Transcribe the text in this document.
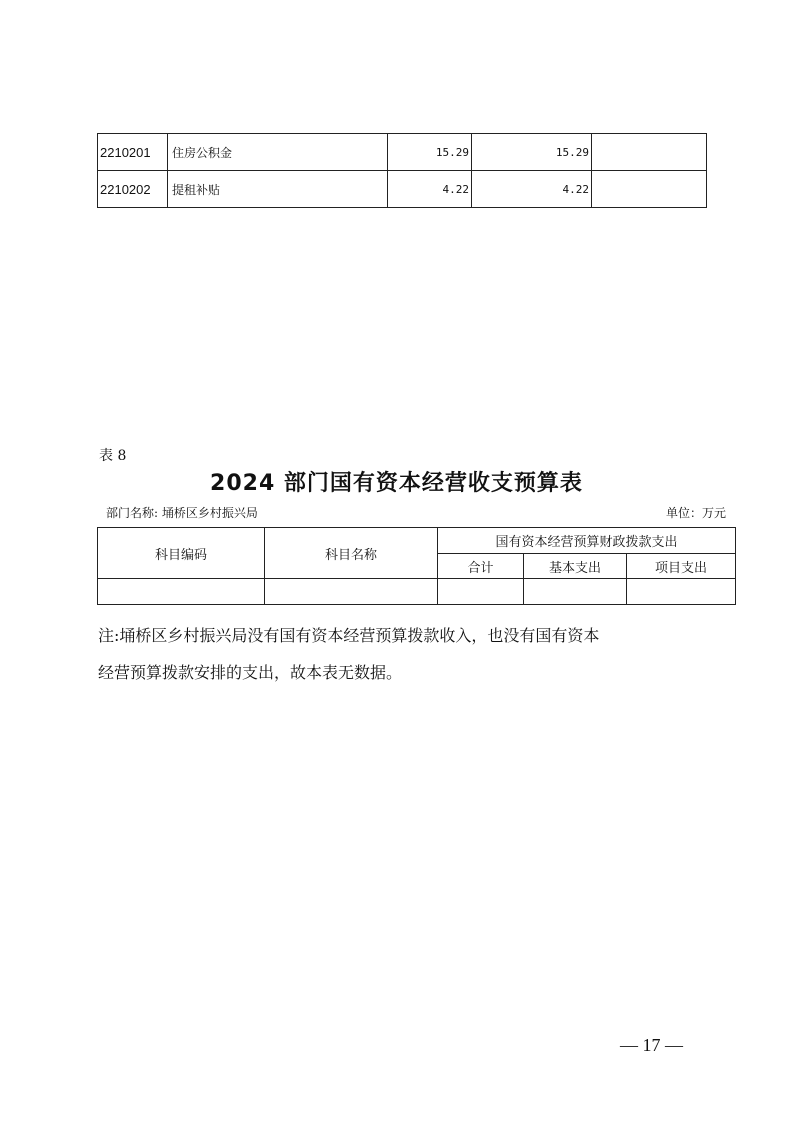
2210201	住房公积金	15.29	15.29	
2210202	提租补贴	4.22	4.22	
表 8
2024 部门国有资本经营收支预算表
部门名称: 埇桥区乡村振兴局	单位：万元
科目编码	科目名称	国有资本经营预算财政拨款支出		
		合计	基本支出	项目支出

注:埇桥区乡村振兴局没有国有资本经营预算拨款收入，也没有国有资本
经营预算拨款安排的支出，故本表无数据。
— 17 —
